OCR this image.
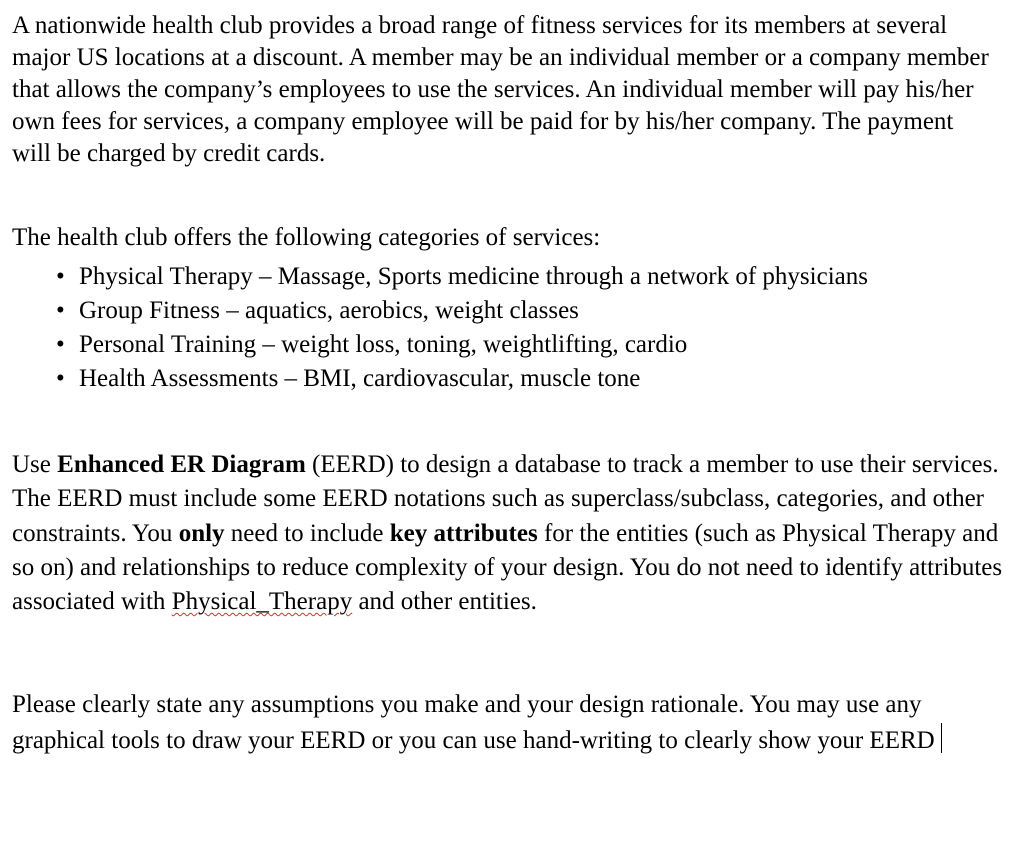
A nationwide health club provides a broad range of fitness services for its members at several major US locations at a discount. A member may be an individual member or a company member that allows the company’s employees to use the services. An individual member will pay his/her own fees for services, a company employee will be paid for by his/her company. The payment will be charged by credit cards.

The health club offers the following categories of services:

• Physical Therapy – Massage, Sports medicine through a network of physicians
• Group Fitness – aquatics, aerobics, weight classes
• Personal Training – weight loss, toning, weightlifting, cardio
• Health Assessments – BMI, cardiovascular, muscle tone

Use Enhanced ER Diagram (EERD) to design a database to track a member to use their services. The EERD must include some EERD notations such as superclass/subclass, categories, and other constraints. You only need to include key attributes for the entities (such as Physical Therapy and so on) and relationships to reduce complexity of your design. You do not need to identify attributes associated with Physical_Therapy and other entities.

Please clearly state any assumptions you make and your design rationale. You may use any graphical tools to draw your EERD or you can use hand-writing to clearly show your EERD
